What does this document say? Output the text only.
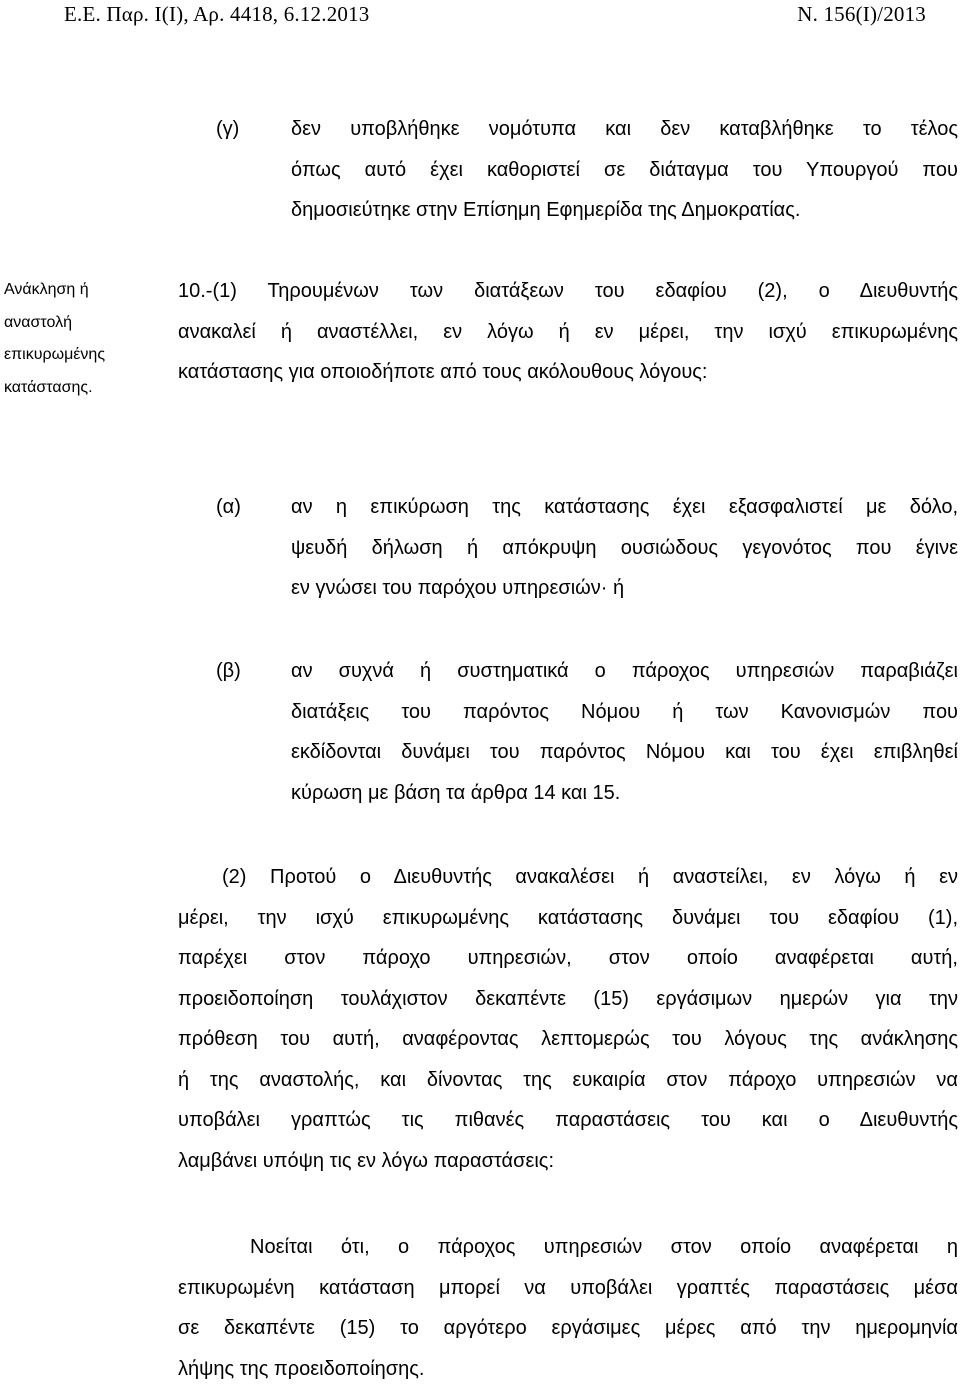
Ε.Ε. Παρ. Ι(Ι), Αρ. 4418, 6.12.2013	Ν. 156(Ι)/2013
(γ)	δεν υποβλήθηκε νομότυπα και δεν καταβλήθηκε το τέλος
όπως αυτό έχει καθοριστεί σε διάταγμα του Υπουργού που
δημοσιεύτηκε στην Επίσημη Εφημερίδα της Δημοκρατίας.
Ανάκληση ή
αναστολή
επικυρωμένης
κατάστασης.
10.-(1) Τηρουμένων των διατάξεων του εδαφίου (2), ο Διευθυντής
ανακαλεί ή αναστέλλει, εν λόγω ή εν μέρει, την ισχύ επικυρωμένης
κατάστασης για οποιοδήποτε από τους ακόλουθους λόγους:
(α)	αν η επικύρωση της κατάστασης έχει εξασφαλιστεί με δόλο,
ψευδή δήλωση ή απόκρυψη ουσιώδους γεγονότος που έγινε
εν γνώσει του παρόχου υπηρεσιών· ή
(β)	αν συχνά ή συστηματικά ο πάροχος υπηρεσιών παραβιάζει
διατάξεις του παρόντος Νόμου ή των Κανονισμών που
εκδίδονται δυνάμει του παρόντος Νόμου και του έχει επιβληθεί
κύρωση με βάση τα άρθρα 14 και 15.
(2) Προτού ο Διευθυντής ανακαλέσει ή αναστείλει, εν λόγω ή εν
μέρει, την ισχύ επικυρωμένης κατάστασης δυνάμει του εδαφίου (1),
παρέχει στον πάροχο υπηρεσιών, στον οποίο αναφέρεται αυτή,
προειδοποίηση τουλάχιστον δεκαπέντε (15) εργάσιμων ημερών για την
πρόθεση του αυτή, αναφέροντας λεπτομερώς του λόγους της ανάκλησης
ή της αναστολής, και δίνοντας της ευκαιρία στον πάροχο υπηρεσιών να
υποβάλει γραπτώς τις πιθανές παραστάσεις του και ο Διευθυντής
λαμβάνει υπόψη τις εν λόγω παραστάσεις:
Νοείται ότι, ο πάροχος υπηρεσιών στον οποίο αναφέρεται η
επικυρωμένη κατάσταση μπορεί να υποβάλει γραπτές παραστάσεις μέσα
σε δεκαπέντε (15) το αργότερο εργάσιμες μέρες από την ημερομηνία
λήψης της προειδοποίησης.
